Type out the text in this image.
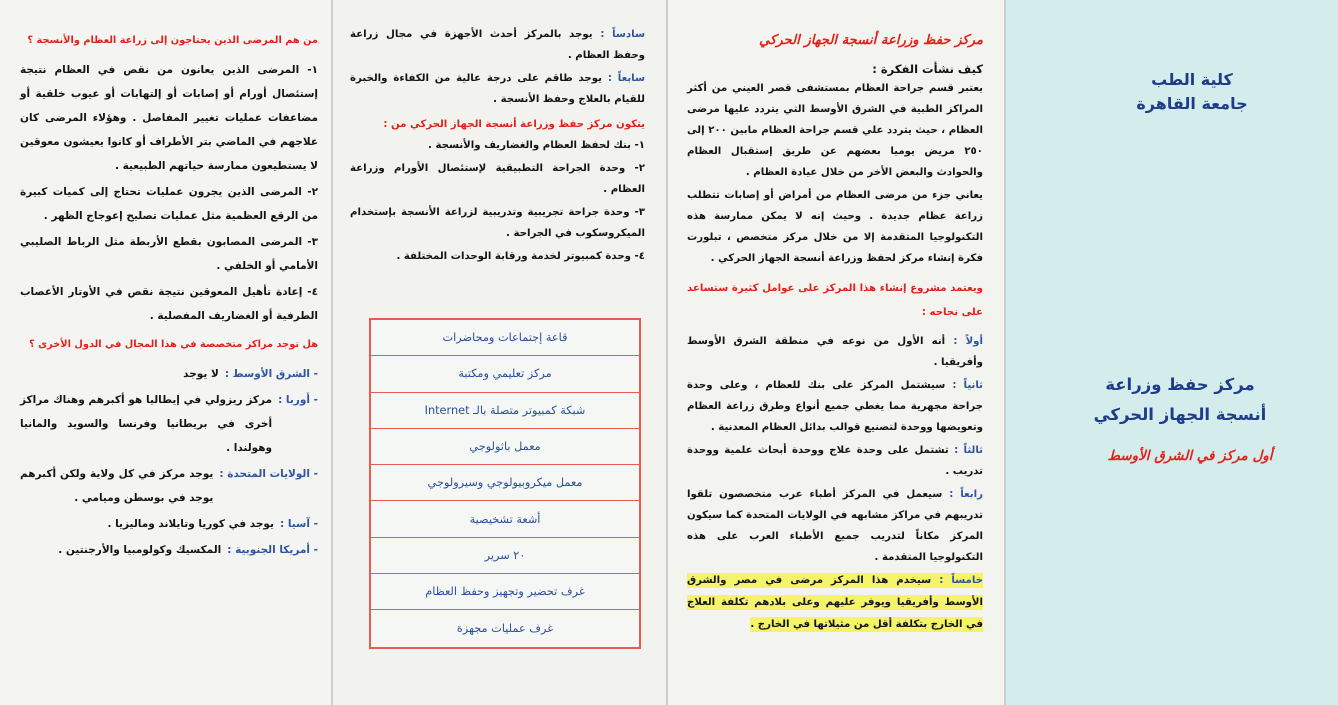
من هم المرضى الذين يحتاجون إلى زراعة العظام والأنسجة ؟
١- المرضى الذين يعانون من نقص في العظام نتيجة إستئصال أورام أو إصابات أو إلتهابات أو عيوب خلقية أو مضاعفات عمليات تغيير المفاصل . وهؤلاء المرضى كان علاجهم في الماضي بتر الأطراف أو كانوا يعيشون معوقين لا يستطيعون ممارسة حياتهم الطبيعية .
٢- المرضى الذين يجرون عمليات تحتاج إلى كميات كبيرة من الرقع العظمية مثل عمليات تصليح إعوجاج الظهر .
٣- المرضى المصابون بقطع الأربطة مثل الرباط الصليبي الأمامي أو الخلفي .
٤- إعادة تأهيل المعوقين نتيجة نقص في الأوتار الأعصاب الطرفية أو الغضاريف المفصلية .
هل توجد مراكز متخصصة في هذا المجال في الدول الأخرى ؟
- الشرق الأوسط :
لا يوجد
- أوربا :
مركز ريزولي في إيطاليا هو أكبرهم وهناك مراكز أخرى في بريطانيا وفرنسا والسويد والمانيا وهولندا .
- الولايات المتحدة :
يوجد مركز في كل ولاية ولكن أكبرهم يوجد في بوسطن وميامي .
- آسيا :
يوجد في كوريا وتايلاند وماليزيا .
- أمريكا الجنوبية :
المكسيك وكولومبيا والأرجنتين .
سادساً : يوجد بالمركز أحدث الأجهزة في مجال زراعة وحفظ العظام .
سابعاً : يوجد طاقم على درجة عالية من الكفاءة والخبرة للقيام بالعلاج وحفظ الأنسجة .
يتكون مركز حفظ وزراعة أنسجة الجهاز الحركي من :
١- بنك لحفظ العظام والغضاريف والأنسجة .
٢- وحدة الجراحة التطبيقية لإستئصال الأورام وزراعة العظام .
٣- وحدة جراحة تجريبية وتدريبية لزراعة الأنسجة بإستخدام الميكروسكوب في الجراحة .
٤- وحدة كمبيوتر لخدمة ورقابة الوحدات المختلفة .
قاعة إجتماعات ومحاضرات
مركز تعليمي ومكتبة
شبكة كمبيوتر متصلة بالـ Internet
معمل باثولوجي
معمل ميكروبيولوجي وسيرولوجي
أشعة تشخيصية
٢٠ سرير
غرف تحضير وتجهيز وحفظ العظام
غرف عمليات مجهزة
مركز حفظ وزراعة أنسجة الجهاز الحركي
كيف نشأت الفكرة :
يعتبر قسم جراحة العظام بمستشفى قصر العيني من أكثر المراكز الطبية في الشرق الأوسط التي يتردد عليها مرضى العظام ، حيث يتردد علي قسم جراحة العظام مابين ٢٠٠ إلى ٢٥٠ مريض يوميا بعضهم عن طريق إستقبال العظام والحوادث والبعض الأخر من خلال عيادة العظام .
يعاني جزء من مرضى العظام من أمراض أو إصابات تتطلب زراعة عظام جديدة . وحيث إنه لا يمكن ممارسة هذه التكنولوجيا المتقدمة إلا من خلال مركز متخصص ، تبلورت فكرة إنشاء مركز لحفظ وزراعة أنسجة الجهاز الحركي .
ويعتمد مشروع إنشاء هذا المركز على عوامل كثيرة ستساعد على نجاحه :
أولاً : أنه الأول من نوعه في منطقة الشرق الأوسط وأفريقيا .
ثانياً : سيشتمل المركز على بنك للعظام ، وعلى وحدة جراحة مجهرية مما يغطي جميع أنواع وطرق زراعة العظام وتعويضها ووحدة لتصنيع قوالب بدائل العظام المعدنية .
ثالثاً : تشتمل على وحدة علاج ووحدة أبحاث علمية ووحدة تدريب .
رابعاً : سيعمل في المركز أطباء عرب متخصصون تلقوا تدريبهم في مراكز مشابهه في الولايات المتحدة كما سيكون المركز مكاناً لتدريب جميع الأطباء العرب على هذه التكنولوجيا المتقدمة .
خامساً : سيخدم هذا المركز مرضى في مصر والشرق الأوسط وأفريقيا ويوفر عليهم وعلى بلادهم تكلفة العلاج في الخارج بتكلفة أقل من مثيلاتها في الخارج .
كلية الطب
جامعة القاهرة
مركز حفظ وزراعة
أنسجة الجهاز الحركي
أول مركز في الشرق الأوسط
